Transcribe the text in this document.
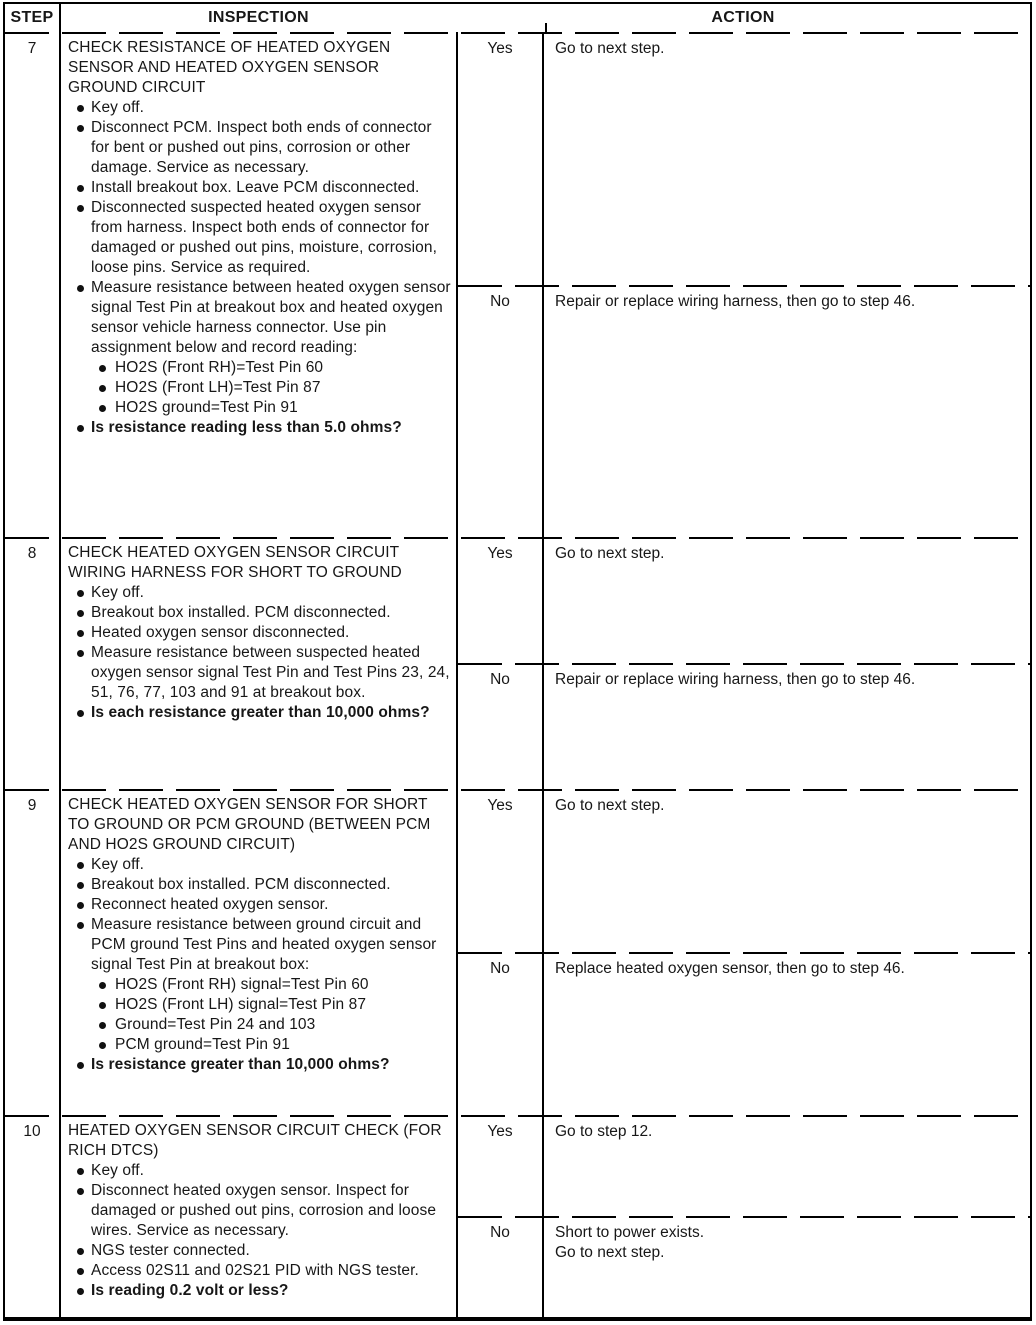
STEP	INSPECTION	ACTION
7	CHECK RESISTANCE OF HEATED OXYGEN SENSOR AND HEATED OXYGEN SENSOR GROUND CIRCUIT
Key off.
Disconnect PCM. Inspect both ends of connector for bent or pushed out pins, corrosion or other damage. Service as necessary.
Install breakout box. Leave PCM disconnected.
Disconnected suspected heated oxygen sensor from harness. Inspect both ends of connector for damaged or pushed out pins, moisture, corrosion, loose pins. Service as required.
Measure resistance between heated oxygen sensor signal Test Pin at breakout box and heated oxygen sensor vehicle harness connector. Use pin assignment below and record reading:
HO2S (Front RH)=Test Pin 60
HO2S (Front LH)=Test Pin 87
HO2S ground=Test Pin 91
Is resistance reading less than 5.0 ohms?
Yes	Go to next step.
No	Repair or replace wiring harness, then go to step 46.
8	CHECK HEATED OXYGEN SENSOR CIRCUIT WIRING HARNESS FOR SHORT TO GROUND
Key off.
Breakout box installed. PCM disconnected.
Heated oxygen sensor disconnected.
Measure resistance between suspected heated oxygen sensor signal Test Pin and Test Pins 23, 24, 51, 76, 77, 103 and 91 at breakout box.
Is each resistance greater than 10,000 ohms?
Yes	Go to next step.
No	Repair or replace wiring harness, then go to step 46.
9	CHECK HEATED OXYGEN SENSOR FOR SHORT TO GROUND OR PCM GROUND (BETWEEN PCM AND HO2S GROUND CIRCUIT)
Key off.
Breakout box installed. PCM disconnected.
Reconnect heated oxygen sensor.
Measure resistance between ground circuit and PCM ground Test Pins and heated oxygen sensor signal Test Pin at breakout box:
HO2S (Front RH) signal=Test Pin 60
HO2S (Front LH) signal=Test Pin 87
Ground=Test Pin 24 and 103
PCM ground=Test Pin 91
Is resistance greater than 10,000 ohms?
Yes	Go to next step.
No	Replace heated oxygen sensor, then go to step 46.
10	HEATED OXYGEN SENSOR CIRCUIT CHECK (FOR RICH DTCS)
Key off.
Disconnect heated oxygen sensor. Inspect for damaged or pushed out pins, corrosion and loose wires. Service as necessary.
NGS tester connected.
Access 02S11 and 02S21 PID with NGS tester.
Is reading 0.2 volt or less?
Yes	Go to step 12.
No	Short to power exists.
Go to next step.
